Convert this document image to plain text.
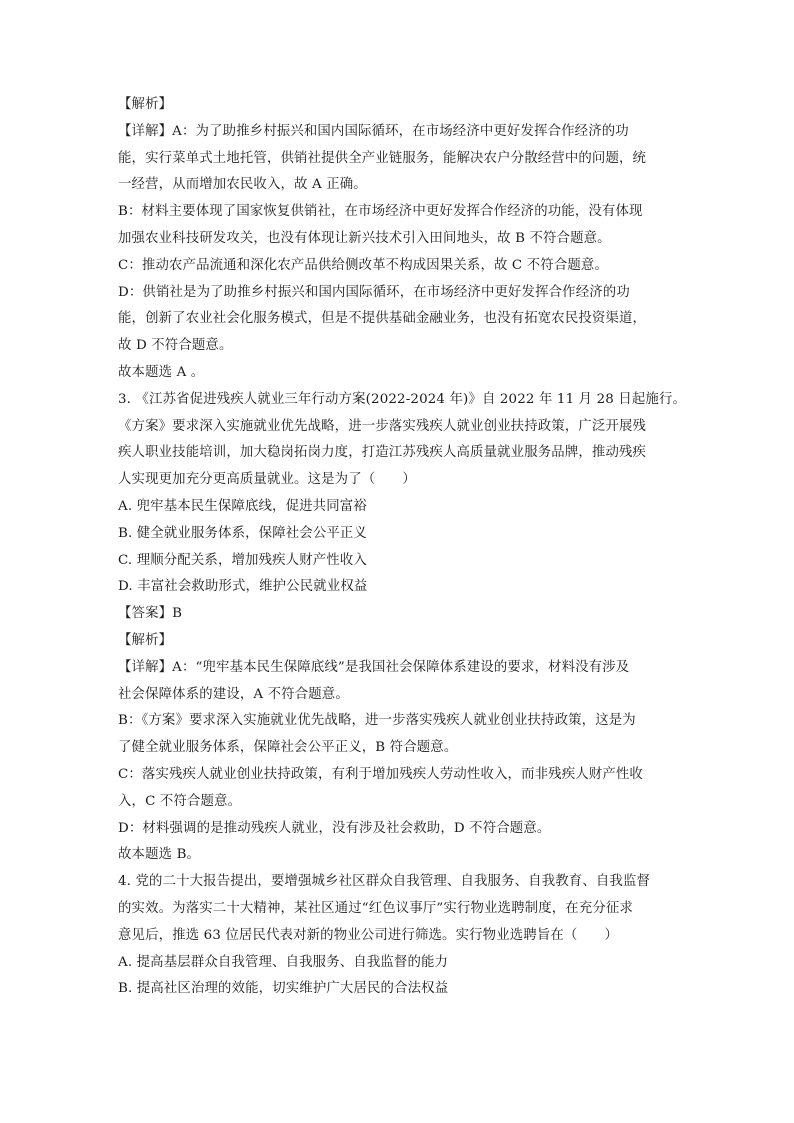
【解析】

【详解】A：为了助推乡村振兴和国内国际循环，在市场经济中更好发挥合作经济的功

能，实行菜单式土地托管，供销社提供全产业链服务，能解决农户分散经营中的问题，统

一经营，从而增加农民收入，故 A 正确。

B：材料主要体现了国家恢复供销社，在市场经济中更好发挥合作经济的功能，没有体现

加强农业科技研发攻关，也没有体现让新兴技术引入田间地头，故 B 不符合题意。

C：推动农产品流通和深化农产品供给侧改革不构成因果关系，故 C 不符合题意。

D：供销社是为了助推乡村振兴和国内国际循环，在市场经济中更好发挥合作经济的功

能，创新了农业社会化服务模式，但是不提供基础金融业务，也没有拓宽农民投资渠道，

故 D 不符合题意。

故本题选 A 。

3. 《江苏省促进残疾人就业三年行动方案(2022-2024 年)》自 2022 年 11 月 28 日起施行。

《方案》要求深入实施就业优先战略，进一步落实残疾人就业创业扶持政策，广泛开展残

疾人职业技能培训，加大稳岗拓岗力度，打造江苏残疾人高质量就业服务品牌，推动残疾

人实现更加充分更高质量就业。这是为了（　　）

A. 兜牢基本民生保障底线，促进共同富裕

B. 健全就业服务体系，保障社会公平正义

C. 理顺分配关系，增加残疾人财产性收入

D. 丰富社会救助形式，维护公民就业权益

【答案】B

【解析】

【详解】A：“兜牢基本民生保障底线”是我国社会保障体系建设的要求，材料没有涉及

社会保障体系的建设，A 不符合题意。

B：《方案》要求深入实施就业优先战略，进一步落实残疾人就业创业扶持政策，这是为

了健全就业服务体系，保障社会公平正义，B 符合题意。

C：落实残疾人就业创业扶持政策，有利于增加残疾人劳动性收入，而非残疾人财产性收

入，C 不符合题意。

D：材料强调的是推动残疾人就业，没有涉及社会救助，D 不符合题意。

故本题选 B。

4. 党的二十大报告提出，要增强城乡社区群众自我管理、自我服务、自我教育、自我监督

的实效。为落实二十大精神，某社区通过“红色议事厅”实行物业选聘制度，在充分征求

意见后，推选 63 位居民代表对新的物业公司进行筛选。实行物业选聘旨在（　　）

A. 提高基层群众自我管理、自我服务、自我监督的能力

B. 提高社区治理的效能，切实维护广大居民的合法权益
